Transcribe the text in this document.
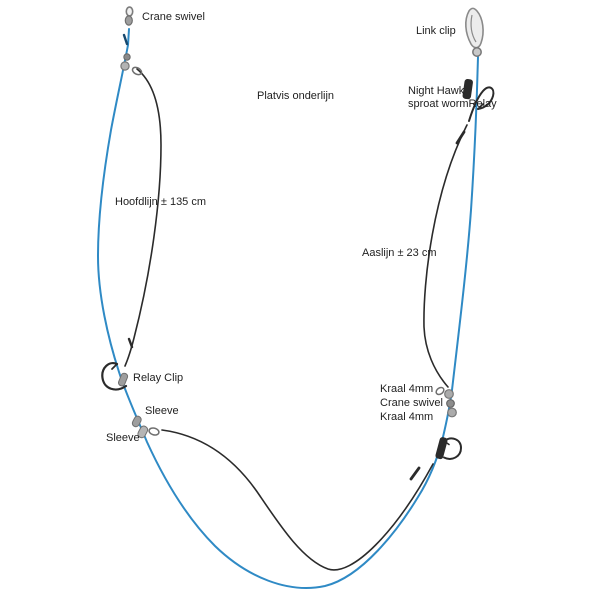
Crane swivel
Link clip
Platvis onderlijn	Night Hawk
sproat wormRelay
Hoofdlijn ± 135 cm
Aaslijn ± 23 cm
Relay Clip
Sleeve
Sleeve
Kraal 4mm
Crane swivel
Kraal 4mm
